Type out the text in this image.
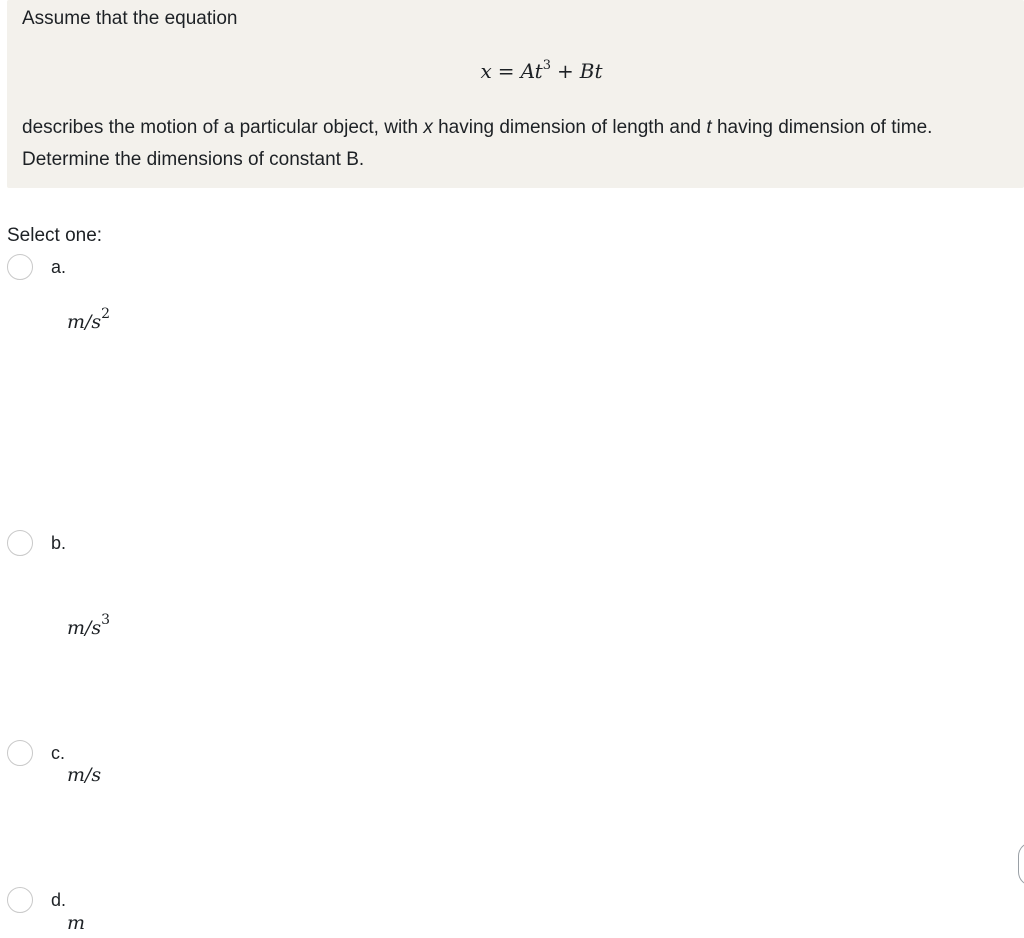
Assume that the equation
$x = At^3 + Bt$
describes the motion of a particular object, with x having dimension of length and t having dimension of time.
Determine the dimensions of constant B.
Select one:
a.
$m/s^2$
b.
$m/s^3$
c.
m/s
d.
m
